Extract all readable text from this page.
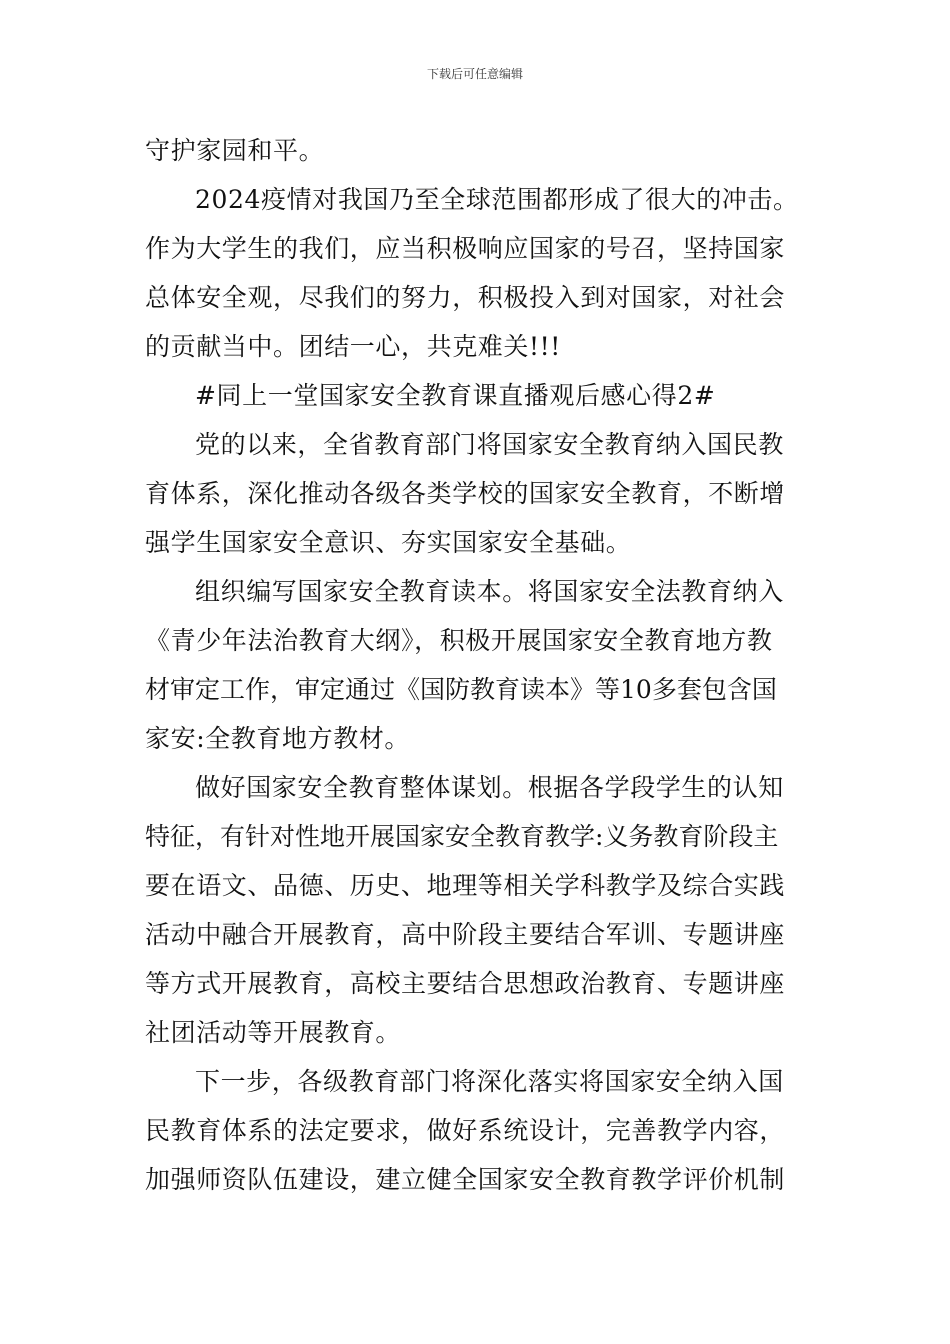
下载后可任意编辑
守护家园和平。
2024疫情对我国乃至全球范围都形成了很大的冲击。
作为大学生的我们，应当积极响应国家的号召，坚持国家
总体安全观，尽我们的努力，积极投入到对国家，对社会
的贡献当中。团结一心，共克难关!!!
#同上一堂国家安全教育课直播观后感心得2#
党的以来，全省教育部门将国家安全教育纳入国民教
育体系，深化推动各级各类学校的国家安全教育，不断增
强学生国家安全意识、夯实国家安全基础。
组织编写国家安全教育读本。将国家安全法教育纳入
《青少年法治教育大纲》，积极开展国家安全教育地方教
材审定工作，审定通过《国防教育读本》等10多套包含国
家安:全教育地方教材。
做好国家安全教育整体谋划。根据各学段学生的认知
特征，有针对性地开展国家安全教育教学:义务教育阶段主
要在语文、品德、历史、地理等相关学科教学及综合实践
活动中融合开展教育，高中阶段主要结合军训、专题讲座
等方式开展教育，高校主要结合思想政治教育、专题讲座
社团活动等开展教育。
下一步，各级教育部门将深化落实将国家安全纳入国
民教育体系的法定要求，做好系统设计，完善教学内容，
加强师资队伍建设，建立健全国家安全教育教学评价机制
